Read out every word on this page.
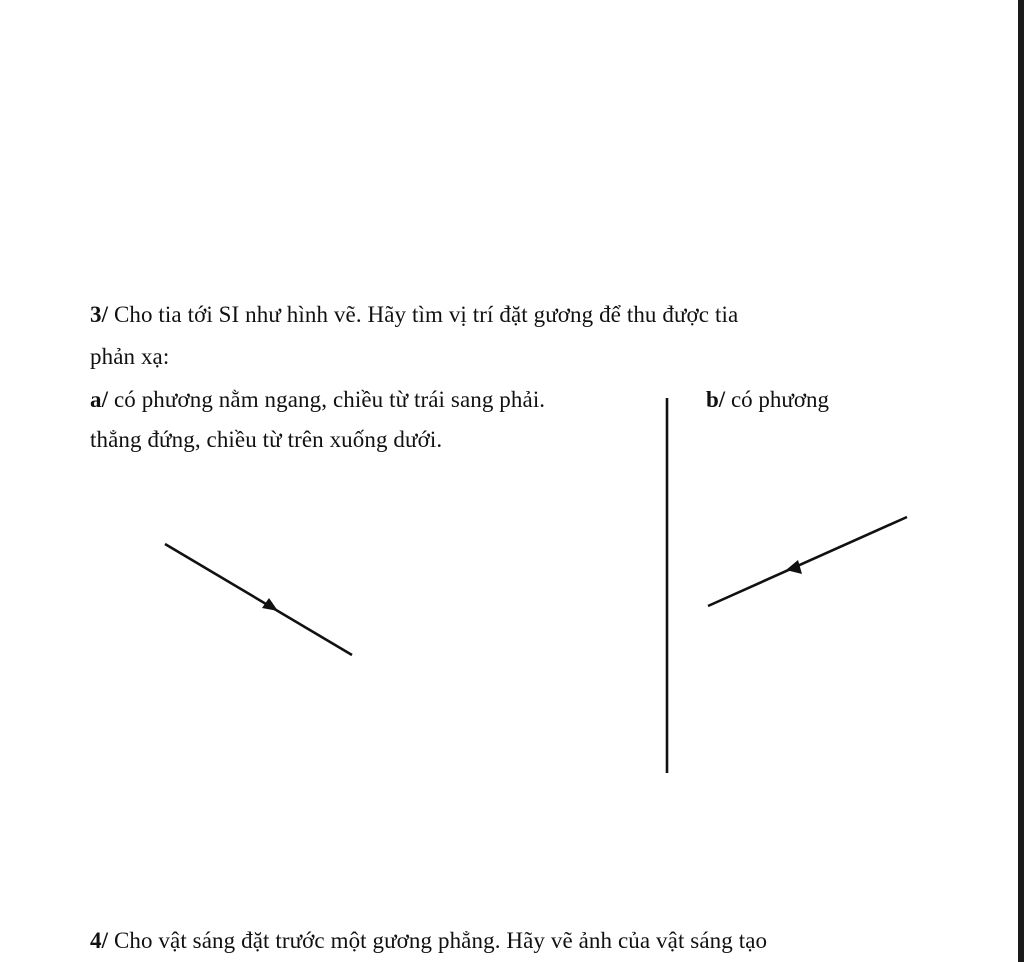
3/ Cho tia tới SI như hình vẽ. Hãy tìm vị trí đặt gương để thu được tia
phản xạ:
a/ có phương nằm ngang, chiều từ trái sang phải.	b/ có phương
thẳng đứng, chiều từ trên xuống dưới.
4/ Cho vật sáng đặt trước một gương phẳng. Hãy vẽ ảnh của vật sáng tạo
